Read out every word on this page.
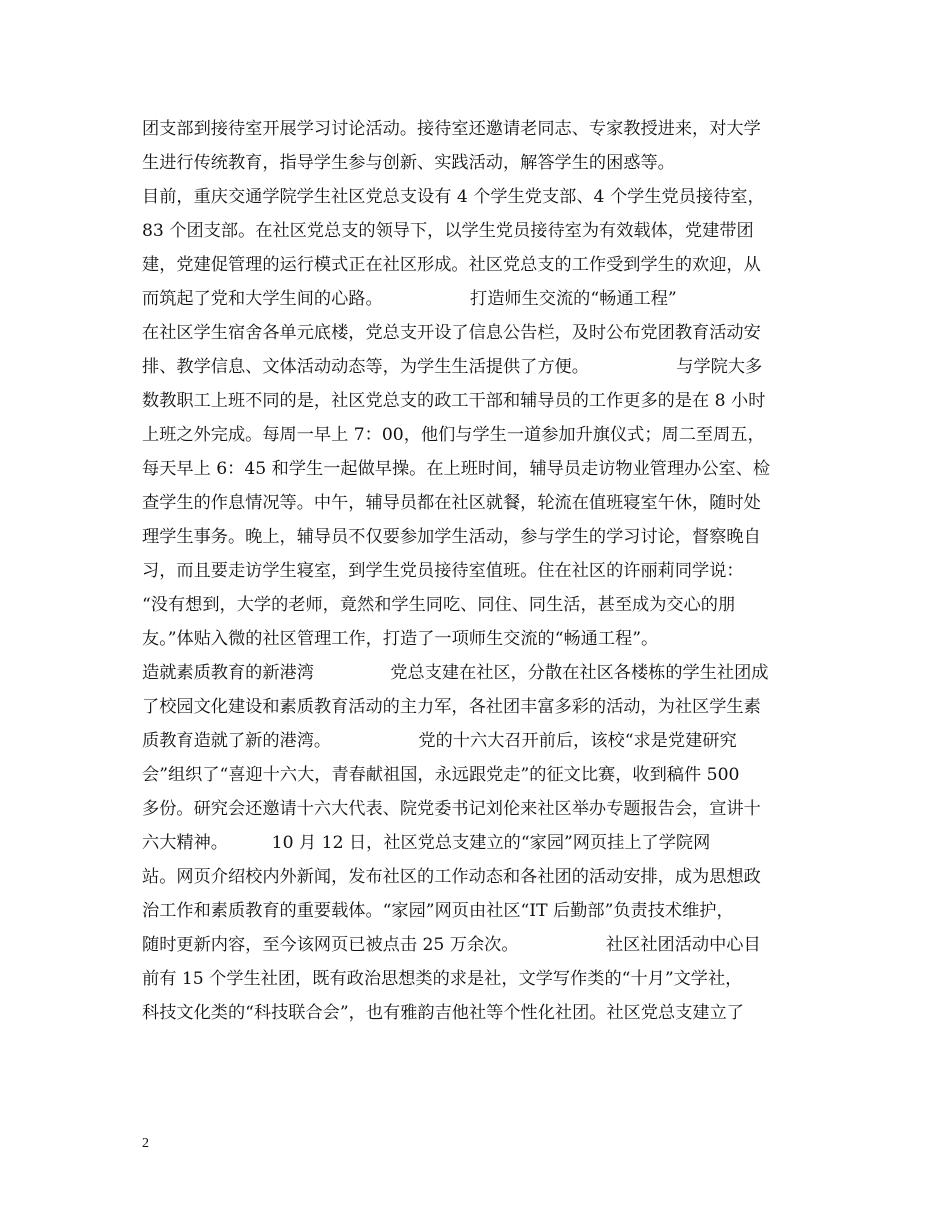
团支部到接待室开展学习讨论活动。接待室还邀请老同志、专家教授进来，对大学
生进行传统教育，指导学生参与创新、实践活动，解答学生的困惑等。
目前，重庆交通学院学生社区党总支设有 4 个学生党支部、4 个学生党员接待室，
83 个团支部。在社区党总支的领导下，以学生党员接待室为有效载体，党建带团
建，党建促管理的运行模式正在社区形成。社区党总支的工作受到学生的欢迎，从
而筑起了党和大学生间的心路。                打造师生交流的“畅通工程”
在社区学生宿舍各单元底楼，党总支开设了信息公告栏，及时公布党团教育活动安
排、教学信息、文体活动动态等，为学生生活提供了方便。                与学院大多
数教职工上班不同的是，社区党总支的政工干部和辅导员的工作更多的是在 8 小时
上班之外完成。每周一早上 7：00，他们与学生一道参加升旗仪式；周二至周五，
每天早上 6：45 和学生一起做早操。在上班时间，辅导员走访物业管理办公室、检
查学生的作息情况等。中午，辅导员都在社区就餐，轮流在值班寝室午休，随时处
理学生事务。晚上，辅导员不仅要参加学生活动，参与学生的学习讨论，督察晚自
习，而且要走访学生寝室，到学生党员接待室值班。住在社区的许丽莉同学说：
“没有想到，大学的老师，竟然和学生同吃、同住、同生活，甚至成为交心的朋
友。”体贴入微的社区管理工作，打造了一项师生交流的“畅通工程”。
造就素质教育的新港湾              党总支建在社区，分散在社区各楼栋的学生社团成
了校园文化建设和素质教育活动的主力军，各社团丰富多彩的活动，为社区学生素
质教育造就了新的港湾。                党的十六大召开前后，该校“求是党建研究
会”组织了“喜迎十六大，青春献祖国，永远跟党走”的征文比赛，收到稿件 500
多份。研究会还邀请十六大代表、院党委书记刘伦来社区举办专题报告会，宣讲十
六大精神。        10 月 12 日，社区党总支建立的“家园”网页挂上了学院网
站。网页介绍校内外新闻，发布社区的工作动态和各社团的活动安排，成为思想政
治工作和素质教育的重要载体。“家园”网页由社区“IT 后勤部”负责技术维护，
随时更新内容，至今该网页已被点击 25 万余次。                社区社团活动中心目
前有 15 个学生社团，既有政治思想类的求是社，文学写作类的“十月”文学社，
科技文化类的“科技联合会”，也有雅韵吉他社等个性化社团。社区党总支建立了
2
